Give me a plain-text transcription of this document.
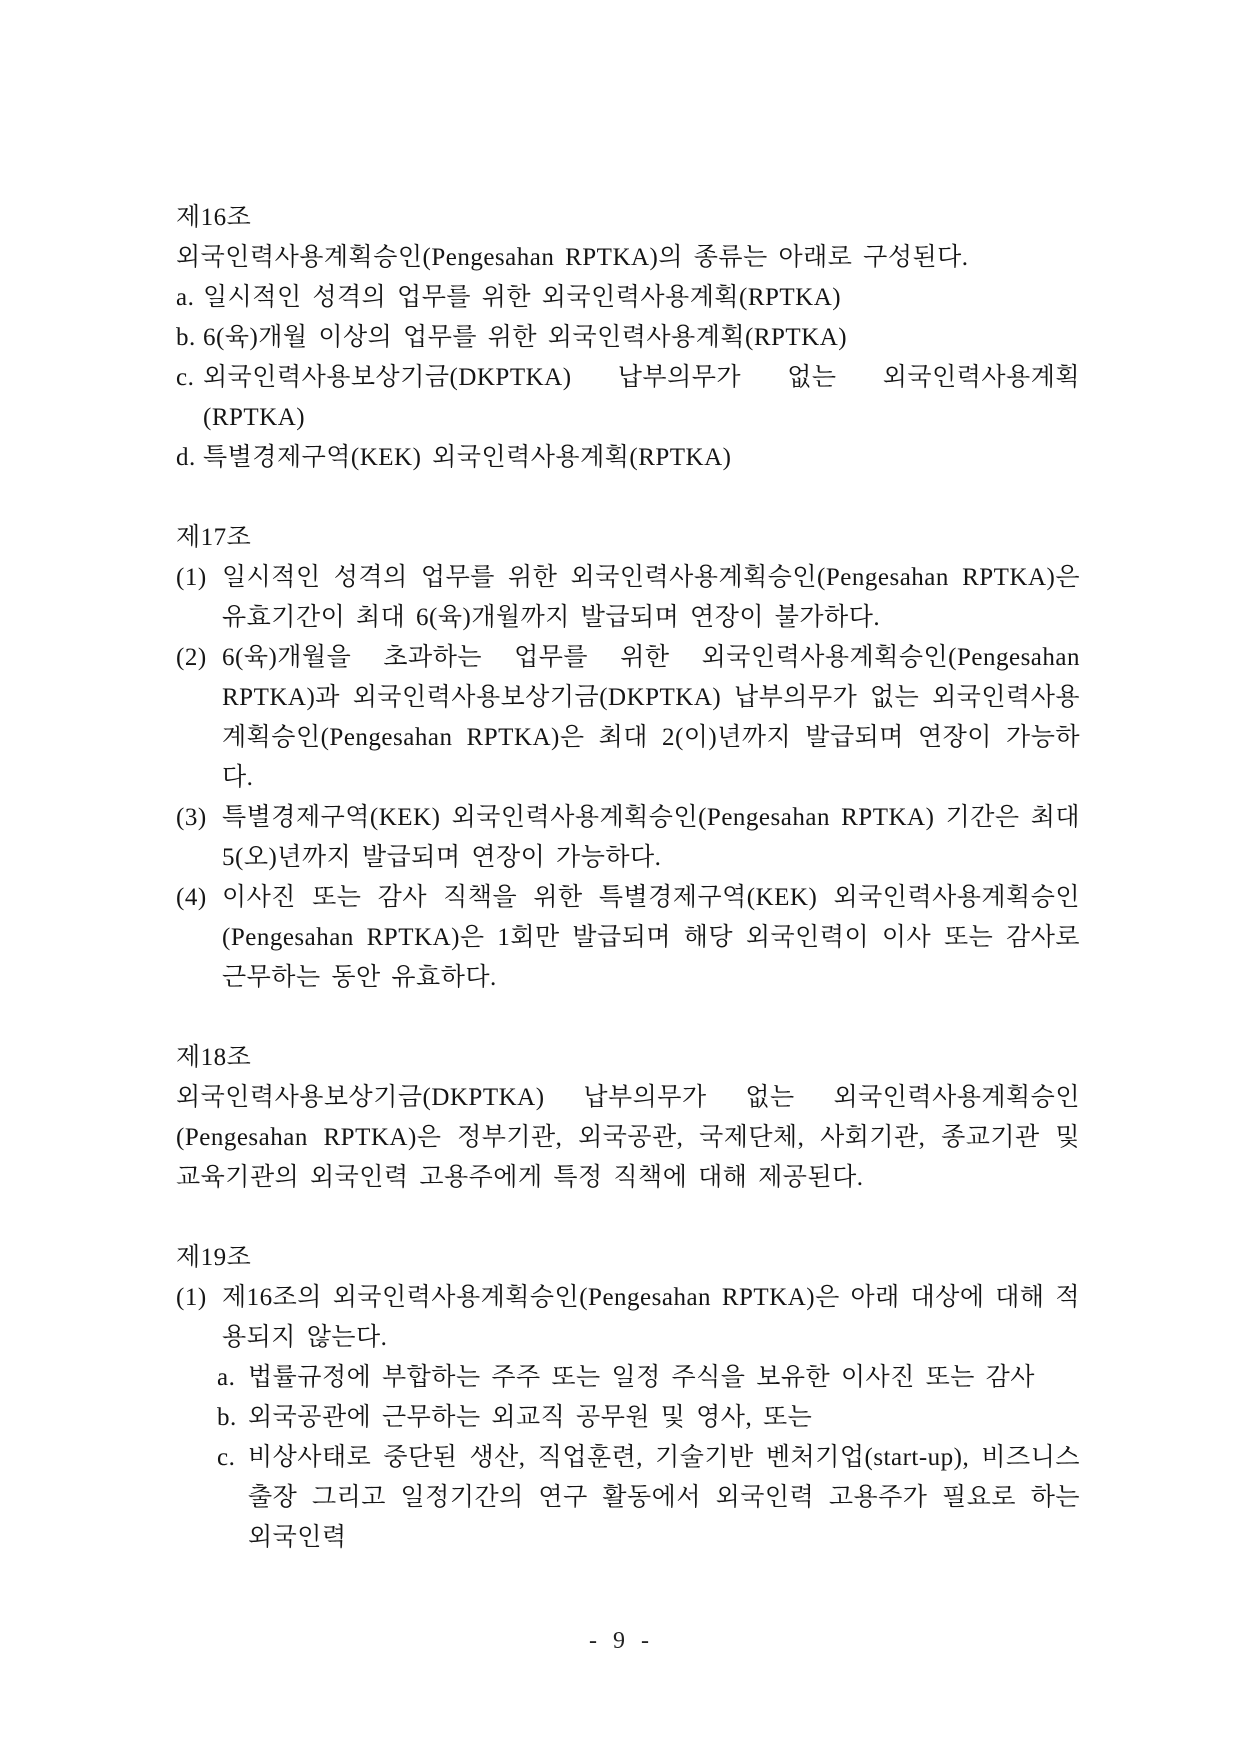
제16조
외국인력사용계획승인(Pengesahan RPTKA)의 종류는 아래로 구성된다.
a. 일시적인 성격의 업무를 위한 외국인력사용계획(RPTKA)
b. 6(육)개월 이상의 업무를 위한 외국인력사용계획(RPTKA)
c. 외국인력사용보상기금(DKPTKA) 납부의무가 없는 외국인력사용계획 (RPTKA)
d. 특별경제구역(KEK) 외국인력사용계획(RPTKA)
제17조
(1) 일시적인 성격의 업무를 위한 외국인력사용계획승인(Pengesahan RPTKA)은 유효기간이 최대 6(육)개월까지 발급되며 연장이 불가하다.
(2) 6(육)개월을 초과하는 업무를 위한 외국인력사용계획승인(Pengesahan RPTKA)과 외국인력사용보상기금(DKPTKA) 납부의무가 없는 외국인력사용계획승인(Pengesahan RPTKA)은 최대 2(이)년까지 발급되며 연장이 가능하다.
(3) 특별경제구역(KEK) 외국인력사용계획승인(Pengesahan RPTKA) 기간은 최대 5(오)년까지 발급되며 연장이 가능하다.
(4) 이사진 또는 감사 직책을 위한 특별경제구역(KEK) 외국인력사용계획승인(Pengesahan RPTKA)은 1회만 발급되며 해당 외국인력이 이사 또는 감사로 근무하는 동안 유효하다.
제18조
외국인력사용보상기금(DKPTKA) 납부의무가 없는 외국인력사용계획승인 (Pengesahan RPTKA)은 정부기관, 외국공관, 국제단체, 사회기관, 종교기관 및 교육기관의 외국인력 고용주에게 특정 직책에 대해 제공된다.
제19조
(1) 제16조의 외국인력사용계획승인(Pengesahan RPTKA)은 아래 대상에 대해 적용되지 않는다.
a. 법률규정에 부합하는 주주 또는 일정 주식을 보유한 이사진 또는 감사
b. 외국공관에 근무하는 외교직 공무원 및 영사, 또는
c. 비상사태로 중단된 생산, 직업훈련, 기술기반 벤처기업(start-up), 비즈니스 출장 그리고 일정기간의 연구 활동에서 외국인력 고용주가 필요로 하는 외국인력
- 9 -
